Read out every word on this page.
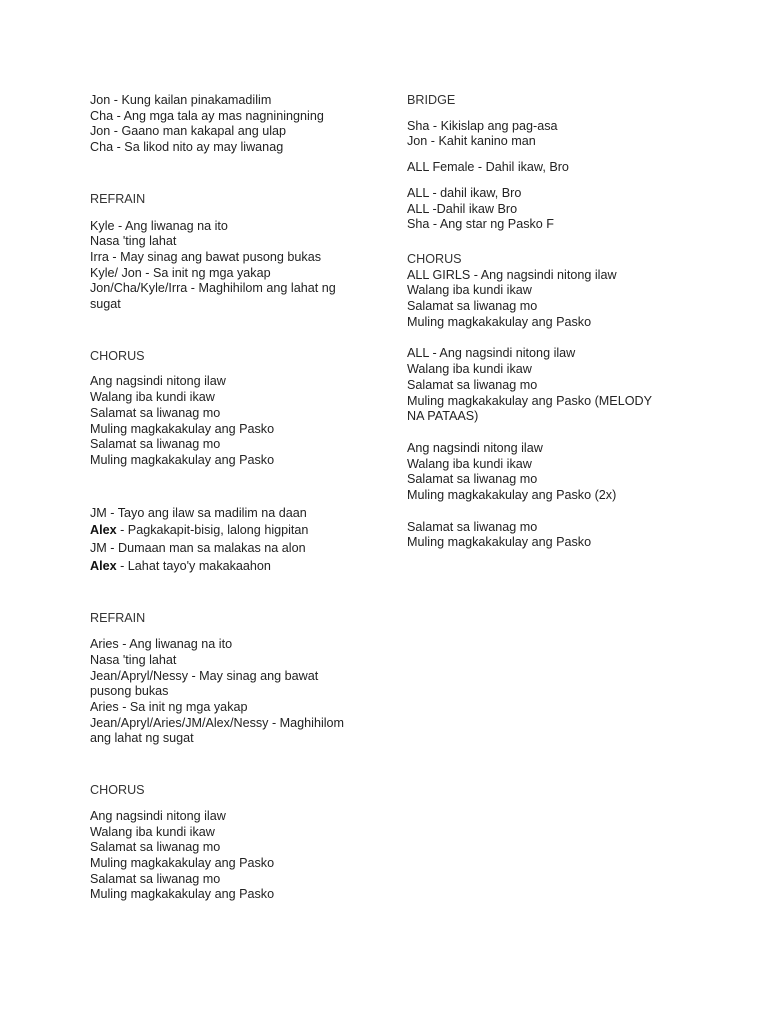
Jon - Kung kailan pinakamadilim
Cha - Ang mga tala ay mas nagniningning
Jon - Gaano man kakapal ang ulap
Cha - Sa likod nito ay may liwanag
REFRAIN
Kyle - Ang liwanag na ito
Nasa 'ting lahat
Irra - May sinag ang bawat pusong bukas
Kyle/ Jon - Sa init ng mga yakap
Jon/Cha/Kyle/Irra - Maghihilom ang lahat ng sugat
CHORUS
Ang nagsindi nitong ilaw
Walang iba kundi ikaw
Salamat sa liwanag mo
Muling magkakakulay ang Pasko
Salamat sa liwanag mo
Muling magkakakulay ang Pasko
JM - Tayo ang ilaw sa madilim na daan
Alex - Pagkakapit-bisig, lalong higpitan
JM - Dumaan man sa malakas na alon
Alex - Lahat tayo'y makakaahon
REFRAIN
Aries - Ang liwanag na ito
Nasa 'ting lahat
Jean/Apryl/Nessy - May sinag ang bawat pusong bukas
Aries - Sa init ng mga yakap
Jean/Apryl/Aries/JM/Alex/Nessy - Maghihilom ang lahat ng sugat
CHORUS
Ang nagsindi nitong ilaw
Walang iba kundi ikaw
Salamat sa liwanag mo
Muling magkakakulay ang Pasko
Salamat sa liwanag mo
Muling magkakakulay ang Pasko
BRIDGE
Sha - Kikislap ang pag-asa
Jon - Kahit kanino man
ALL Female - Dahil ikaw, Bro
ALL - dahil ikaw, Bro
ALL -Dahil ikaw Bro
Sha - Ang star ng Pasko F
CHORUS
ALL GIRLS - Ang nagsindi nitong ilaw
Walang iba kundi ikaw
Salamat sa liwanag mo
Muling magkakakulay ang Pasko
ALL - Ang nagsindi nitong ilaw
Walang iba kundi ikaw
Salamat sa liwanag mo
Muling magkakakulay ang Pasko (MELODY NA PATAAS)
Ang nagsindi nitong ilaw
Walang iba kundi ikaw
Salamat sa liwanag mo
Muling magkakakulay ang Pasko (2x)
Salamat sa liwanag mo
Muling magkakakulay ang Pasko
